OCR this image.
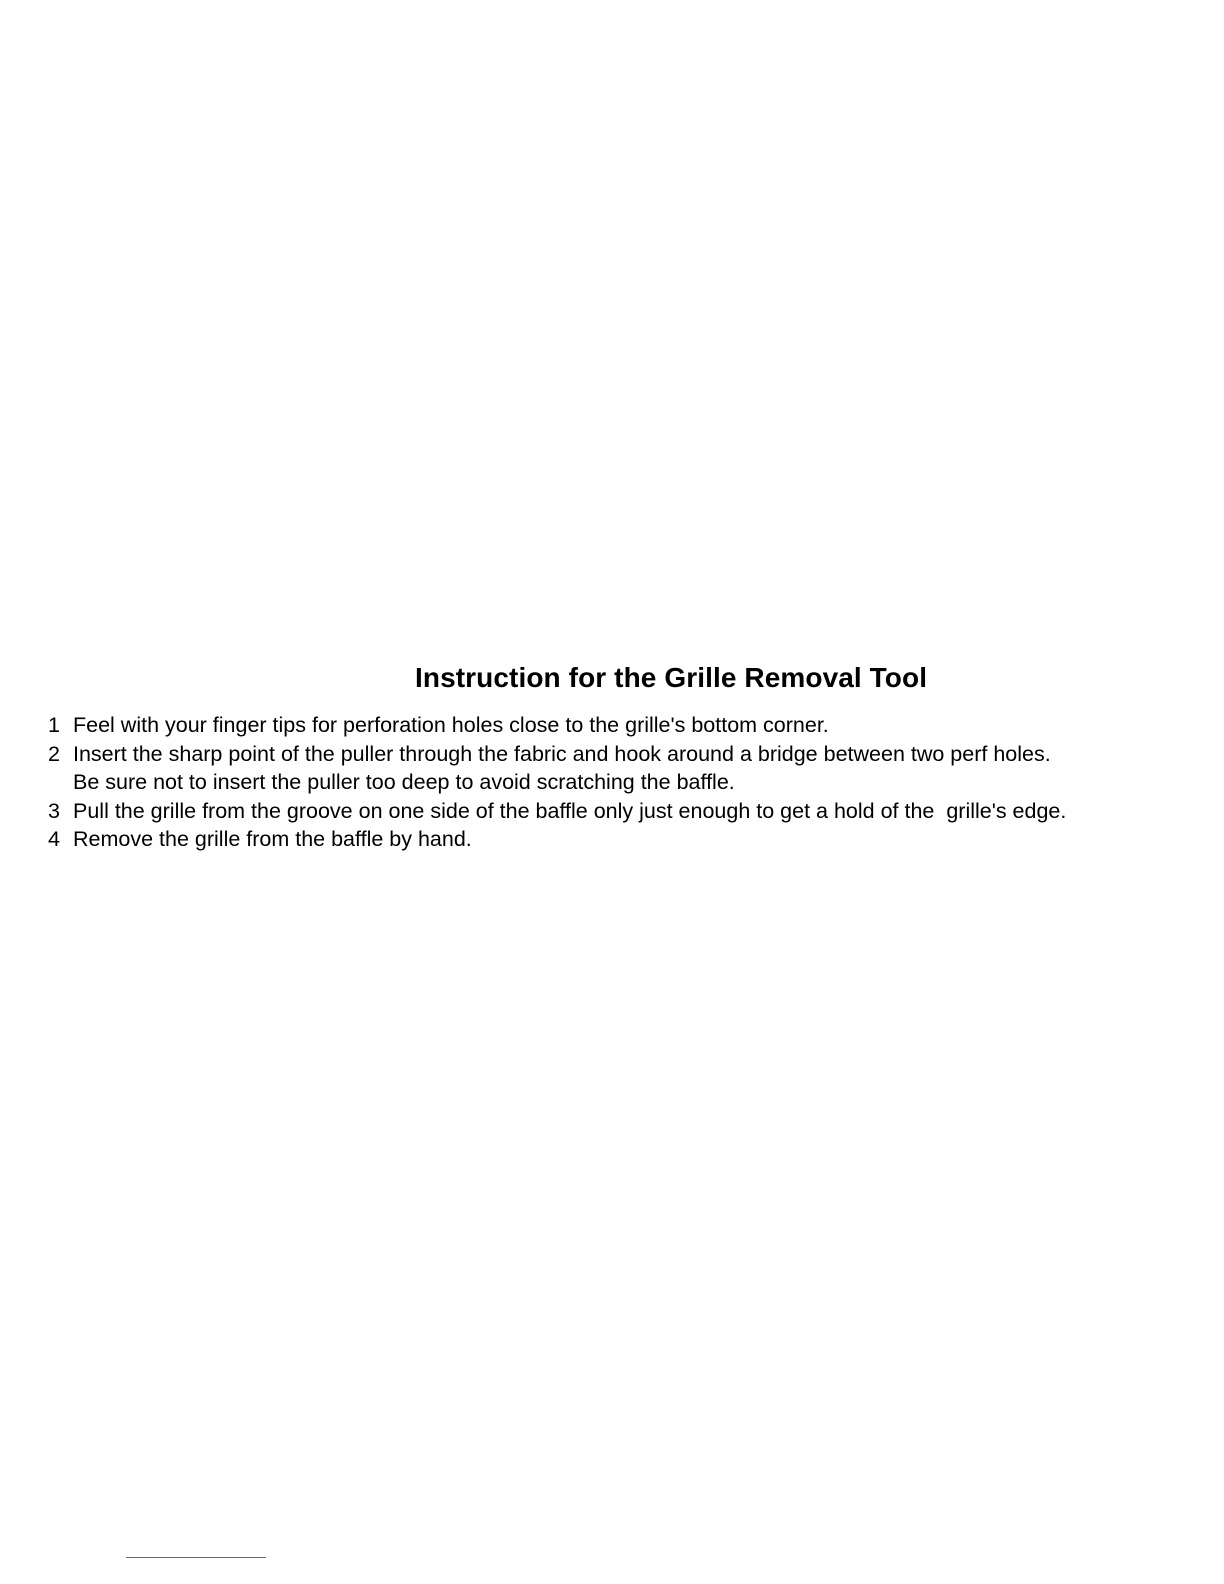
Instruction for the Grille Removal Tool
1 Feel with your finger tips for perforation holes close to the grille's bottom corner.
2 Insert the sharp point of the puller through the fabric and hook around a bridge between two perf holes.
Be sure not to insert the puller too deep to avoid scratching the baffle.
3 Pull the grille from the groove on one side of the baffle only just enough to get a hold of the  grille's edge.
4 Remove the grille from the baffle by hand.
